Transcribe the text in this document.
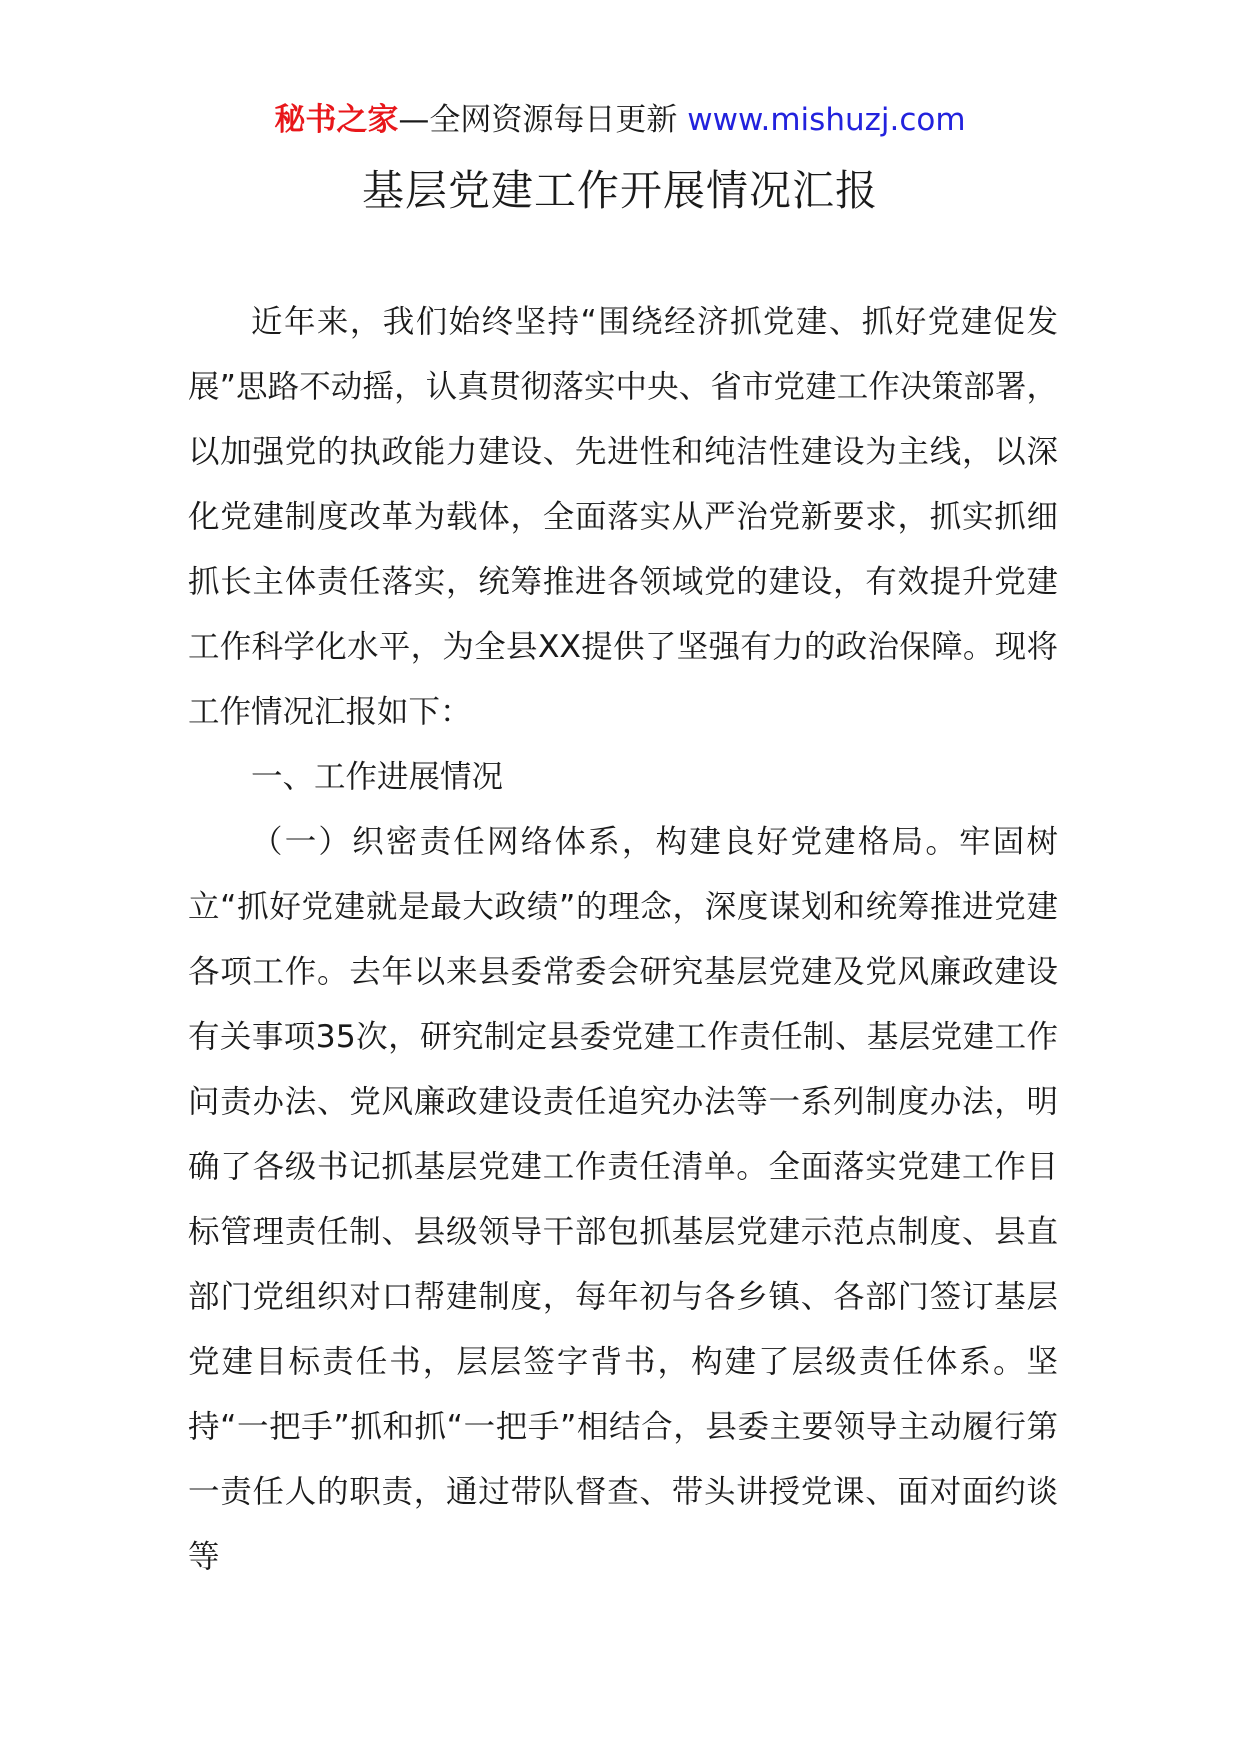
秘书之家—全网资源每日更新 www.mishuzj.com
基层党建工作开展情况汇报

近年来，我们始终坚持“围绕经济抓党建、抓好党建促发展”思路不动摇，认真贯彻落实中央、省市党建工作决策部署，以加强党的执政能力建设、先进性和纯洁性建设为主线，以深化党建制度改革为载体，全面落实从严治党新要求，抓实抓细抓长主体责任落实，统筹推进各领域党的建设，有效提升党建工作科学化水平，为全县XX提供了坚强有力的政治保障。现将工作情况汇报如下：

一、工作进展情况

（一）织密责任网络体系，构建良好党建格局。牢固树立“抓好党建就是最大政绩”的理念，深度谋划和统筹推进党建各项工作。去年以来县委常委会研究基层党建及党风廉政建设有关事项35次，研究制定县委党建工作责任制、基层党建工作问责办法、党风廉政建设责任追究办法等一系列制度办法，明确了各级书记抓基层党建工作责任清单。全面落实党建工作目标管理责任制、县级领导干部包抓基层党建示范点制度、县直部门党组织对口帮建制度，每年初与各乡镇、各部门签订基层党建目标责任书，层层签字背书，构建了层级责任体系。坚持“一把手”抓和抓“一把手”相结合，县委主要领导主动履行第一责任人的职责，通过带队督查、带头讲授党课、面对面约谈等
